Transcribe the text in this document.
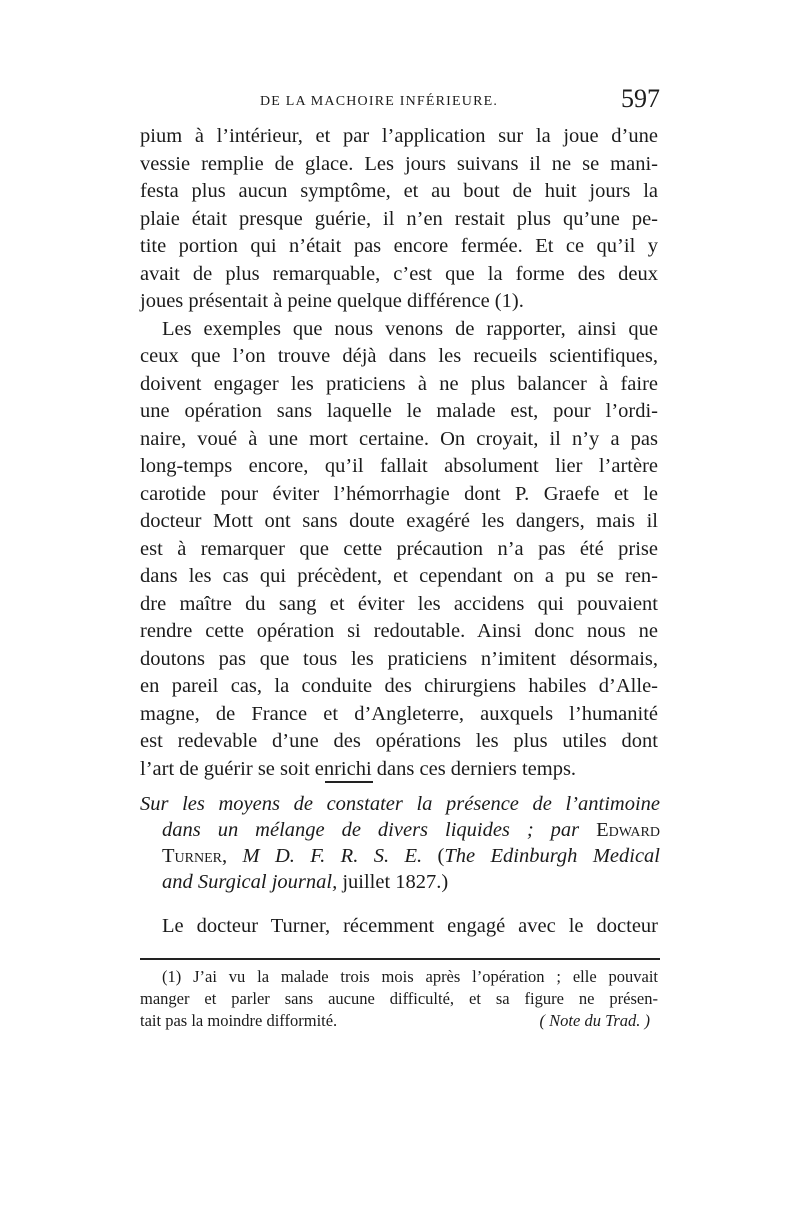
DE LA MACHOIRE INFÉRIEURE.	597
pium à l’intérieur, et par l’application sur la joue d’une
vessie remplie de glace. Les jours suivans il ne se mani-
festa plus aucun symptôme, et au bout de huit jours la
plaie était presque guérie, il n’en restait plus qu’une pe-
tite portion qui n’était pas encore fermée. Et ce qu’il y
avait de plus remarquable, c’est que la forme des deux
joues présentait à peine quelque différence (1).
Les exemples que nous venons de rapporter, ainsi que
ceux que l’on trouve déjà dans les recueils scientifiques,
doivent engager les praticiens à ne plus balancer à faire
une opération sans laquelle le malade est, pour l’ordi-
naire, voué à une mort certaine. On croyait, il n’y a pas
long-temps encore, qu’il fallait absolument lier l’artère
carotide pour éviter l’hémorrhagie dont P. Graefe et le
docteur Mott ont sans doute exagéré les dangers, mais il
est à remarquer que cette précaution n’a pas été prise
dans les cas qui précèdent, et cependant on a pu se ren-
dre maître du sang et éviter les accidens qui pouvaient
rendre cette opération si redoutable. Ainsi donc nous ne
doutons pas que tous les praticiens n’imitent désormais,
en pareil cas, la conduite des chirurgiens habiles d’Alle-
magne, de France et d’Angleterre, auxquels l’humanité
est redevable d’une des opérations les plus utiles dont
l’art de guérir se soit enrichi dans ces derniers temps.
Sur les moyens de constater la présence de l’antimoine
dans un mélange de divers liquides ; par Edward
Turner, M D. F. R. S. E. (The Edinburgh Medical
and Surgical journal, juillet 1827.)
Le docteur Turner, récemment engagé avec le docteur
(1) J’ai vu la malade trois mois après l’opération ; elle pouvait
manger et parler sans aucune difficulté, et sa figure ne présen-
tait pas la moindre difformité.	( Note du Trad. )
